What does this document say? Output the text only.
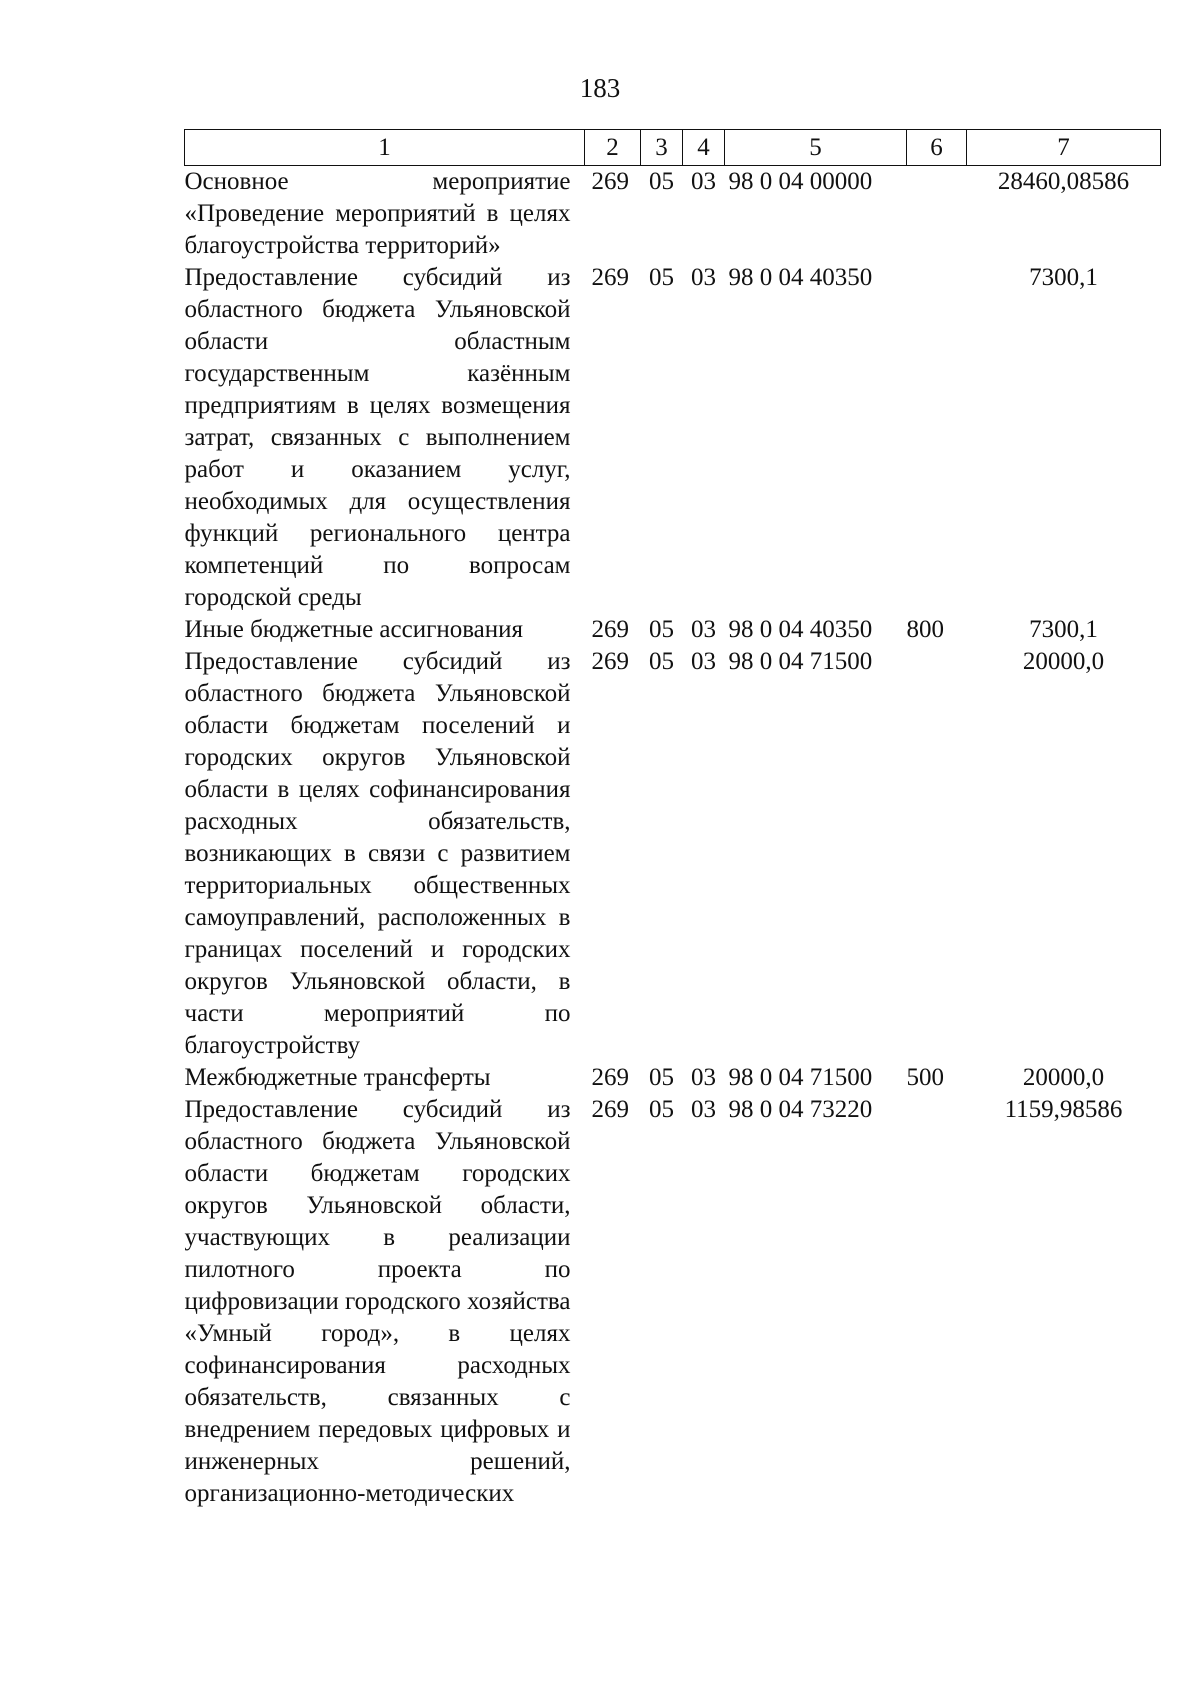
183
1	2	3	4	5	6	7
Основное мероприятие «Проведение мероприятий в целях благоустройства территорий»	269	05	03	98 0 04 00000		28460,08586
Предоставление субсидий из областного бюджета Ульяновской области областным государственным казённым предприятиям в целях возмещения затрат, связанных с выполнением работ и оказанием услуг, необходимых для осуществления функций регионального центра компетенций по вопросам городской среды	269	05	03	98 0 04 40350		7300,1
Иные бюджетные ассигнования	269	05	03	98 0 04 40350	800	7300,1
Предоставление субсидий из областного бюджета Ульяновской области бюджетам поселений и городских округов Ульяновской области в целях софинансирования расходных обязательств, возникающих в связи с развитием территориальных общественных самоуправлений, расположенных в границах поселений и городских округов Ульяновской области, в части мероприятий по благоустройству	269	05	03	98 0 04 71500		20000,0
Межбюджетные трансферты	269	05	03	98 0 04 71500	500	20000,0
Предоставление субсидий из областного бюджета Ульяновской области бюджетам городских округов Ульяновской области, участвующих в реализации пилотного проекта по цифровизации городского хозяйства «Умный город», в целях софинансирования расходных обязательств, связанных с внедрением передовых цифровых и инженерных решений, организационно-методических	269	05	03	98 0 04 73220		1159,98586
